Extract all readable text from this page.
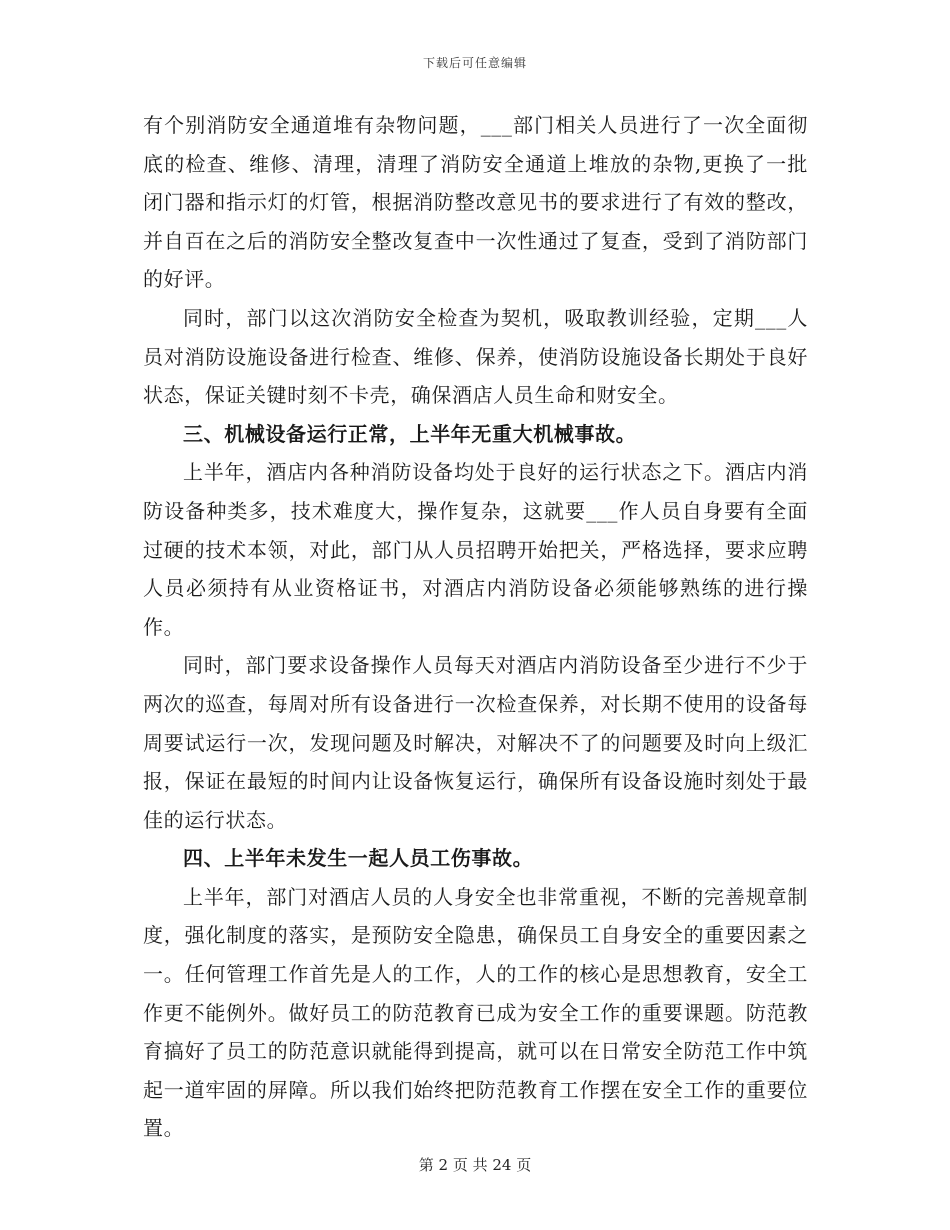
下载后可任意编辑

有个别消防安全通道堆有杂物问题，___部门相关人员进行了一次全面彻底的检查、维修、清理，清理了消防安全通道上堆放的杂物,更换了一批闭门器和指示灯的灯管，根据消防整改意见书的要求进行了有效的整改，并自百在之后的消防安全整改复查中一次性通过了复查，受到了消防部门的好评。

同时，部门以这次消防安全检查为契机，吸取教训经验，定期___人员对消防设施设备进行检查、维修、保养，使消防设施设备长期处于良好状态，保证关键时刻不卡壳，确保酒店人员生命和财安全。

三、机械设备运行正常，上半年无重大机械事故。

上半年，酒店内各种消防设备均处于良好的运行状态之下。酒店内消防设备种类多，技术难度大，操作复杂，这就要___作人员自身要有全面过硬的技术本领，对此，部门从人员招聘开始把关，严格选择，要求应聘人员必须持有从业资格证书，对酒店内消防设备必须能够熟练的进行操作。

同时，部门要求设备操作人员每天对酒店内消防设备至少进行不少于两次的巡查，每周对所有设备进行一次检查保养，对长期不使用的设备每周要试运行一次，发现问题及时解决，对解决不了的问题要及时向上级汇报，保证在最短的时间内让设备恢复运行，确保所有设备设施时刻处于最佳的运行状态。

四、上半年未发生一起人员工伤事故。

上半年，部门对酒店人员的人身安全也非常重视，不断的完善规章制度，强化制度的落实，是预防安全隐患，确保员工自身安全的重要因素之一。任何管理工作首先是人的工作，人的工作的核心是思想教育，安全工作更不能例外。做好员工的防范教育已成为安全工作的重要课题。防范教育搞好了员工的防范意识就能得到提高，就可以在日常安全防范工作中筑起一道牢固的屏障。所以我们始终把防范教育工作摆在安全工作的重要位置。

第 2 页 共 24 页
